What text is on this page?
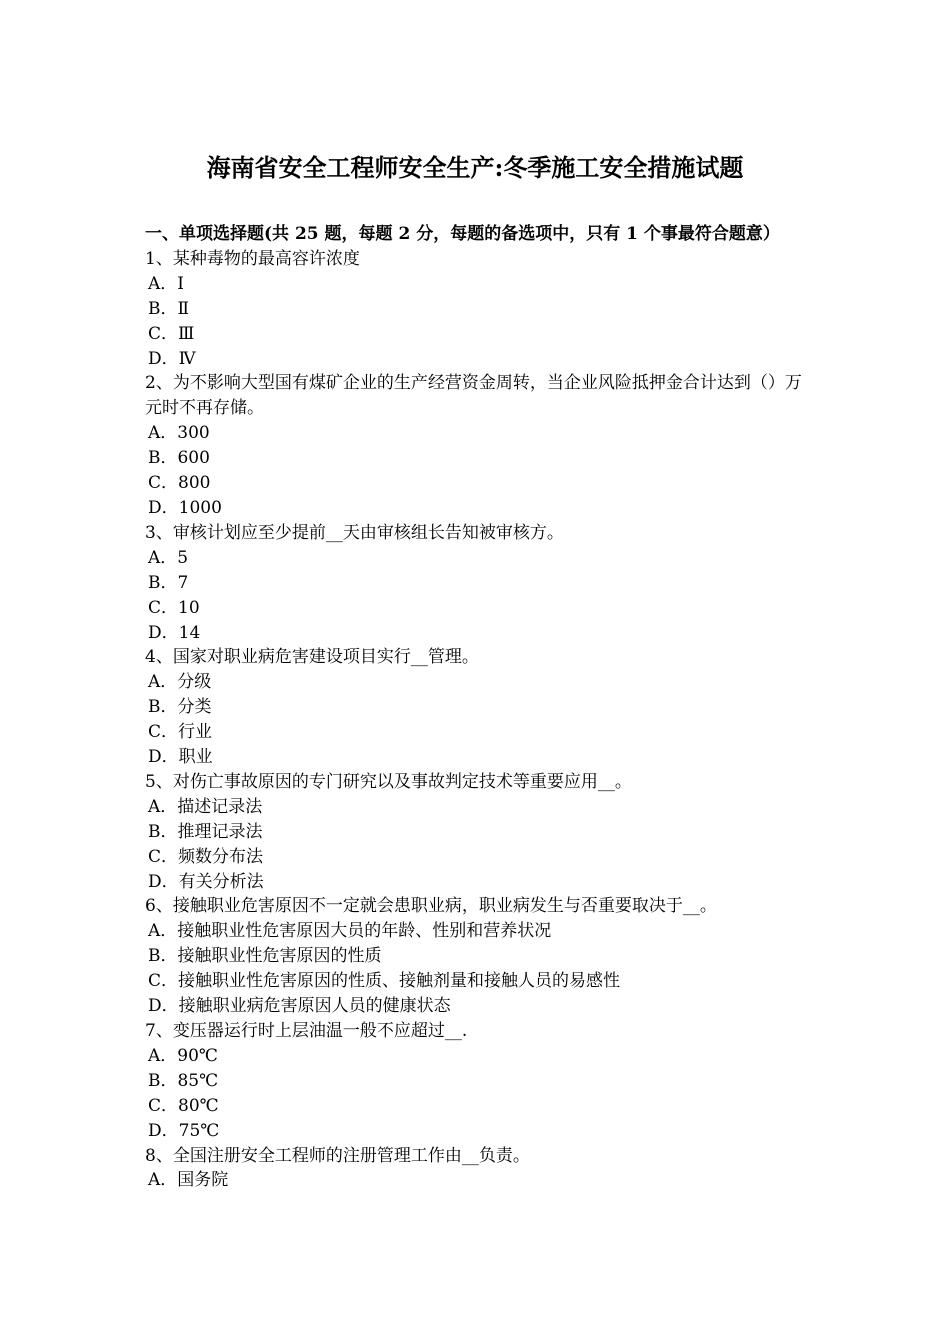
海南省安全工程师安全生产:冬季施工安全措施试题
一、单项选择题(共 25 题，每题 2 分，每题的备选项中，只有 1 个事最符合题意）
1、某种毒物的最高容许浓度
A．Ⅰ
B．Ⅱ
C．Ⅲ
D．Ⅳ
2、为不影响大型国有煤矿企业的生产经营资金周转，当企业风险抵押金合计达到（）万元时不再存储。
A．300
B．600
C．800
D．1000
3、审核计划应至少提前__天由审核组长告知被审核方。
A．5
B．7
C．10
D．14
4、国家对职业病危害建设项目实行__管理。
A．分级
B．分类
C．行业
D．职业
5、对伤亡事故原因的专门研究以及事故判定技术等重要应用__。
A．描述记录法
B．推理记录法
C．频数分布法
D．有关分析法
6、接触职业危害原因不一定就会患职业病，职业病发生与否重要取决于__。
A．接触职业性危害原因大员的年龄、性别和营养状况
B．接触职业性危害原因的性质
C．接触职业性危害原因的性质、接触剂量和接触人员的易感性
D．接触职业病危害原因人员的健康状态
7、变压器运行时上层油温一般不应超过__.
A．90℃
B．85℃
C．80℃
D．75℃
8、全国注册安全工程师的注册管理工作由__负责。
A．国务院
